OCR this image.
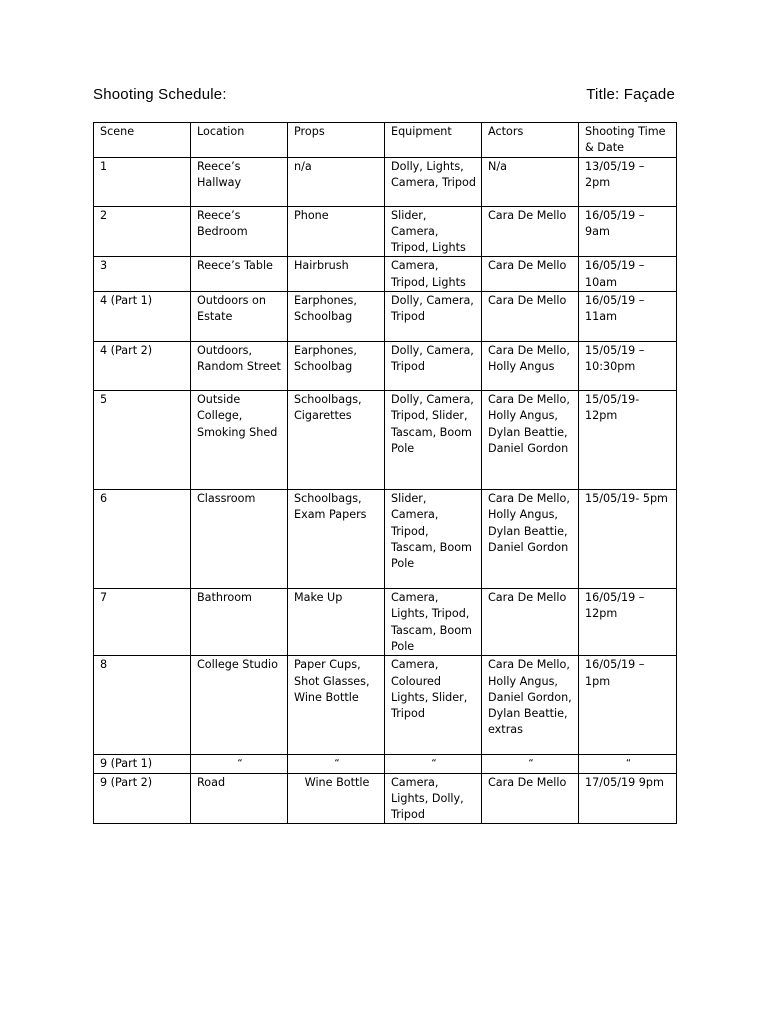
Shooting Schedule:	Title: Façade
Scene	Location	Props	Equipment	Actors	Shooting Time & Date
1	Reece’s Hallway	n/a	Dolly, Lights, Camera, Tripod	N/a	13/05/19 – 2pm
2	Reece’s Bedroom	Phone	Slider, Camera, Tripod, Lights	Cara De Mello	16/05/19 – 9am
3	Reece’s Table	Hairbrush	Camera, Tripod, Lights	Cara De Mello	16/05/19 – 10am
4 (Part 1)	Outdoors on Estate	Earphones, Schoolbag	Dolly, Camera, Tripod	Cara De Mello	16/05/19 – 11am
4 (Part 2)	Outdoors, Random Street	Earphones, Schoolbag	Dolly, Camera, Tripod	Cara De Mello, Holly Angus	15/05/19 – 10:30pm
5	Outside College, Smoking Shed	Schoolbags, Cigarettes	Dolly, Camera, Tripod, Slider, Tascam, Boom Pole	Cara De Mello, Holly Angus, Dylan Beattie, Daniel Gordon	15/05/19- 12pm
6	Classroom	Schoolbags, Exam Papers	Slider, Camera, Tripod, Tascam, Boom Pole	Cara De Mello, Holly Angus, Dylan Beattie, Daniel Gordon	15/05/19- 5pm
7	Bathroom	Make Up	Camera, Lights, Tripod, Tascam, Boom Pole	Cara De Mello	16/05/19 – 12pm
8	College Studio	Paper Cups, Shot Glasses, Wine Bottle	Camera, Coloured Lights, Slider, Tripod	Cara De Mello, Holly Angus, Daniel Gordon, Dylan Beattie, extras	16/05/19 – 1pm
9 (Part 1)	“	“	“	“	“
9 (Part 2)	Road	Wine Bottle	Camera, Lights, Dolly, Tripod	Cara De Mello	17/05/19 9pm
